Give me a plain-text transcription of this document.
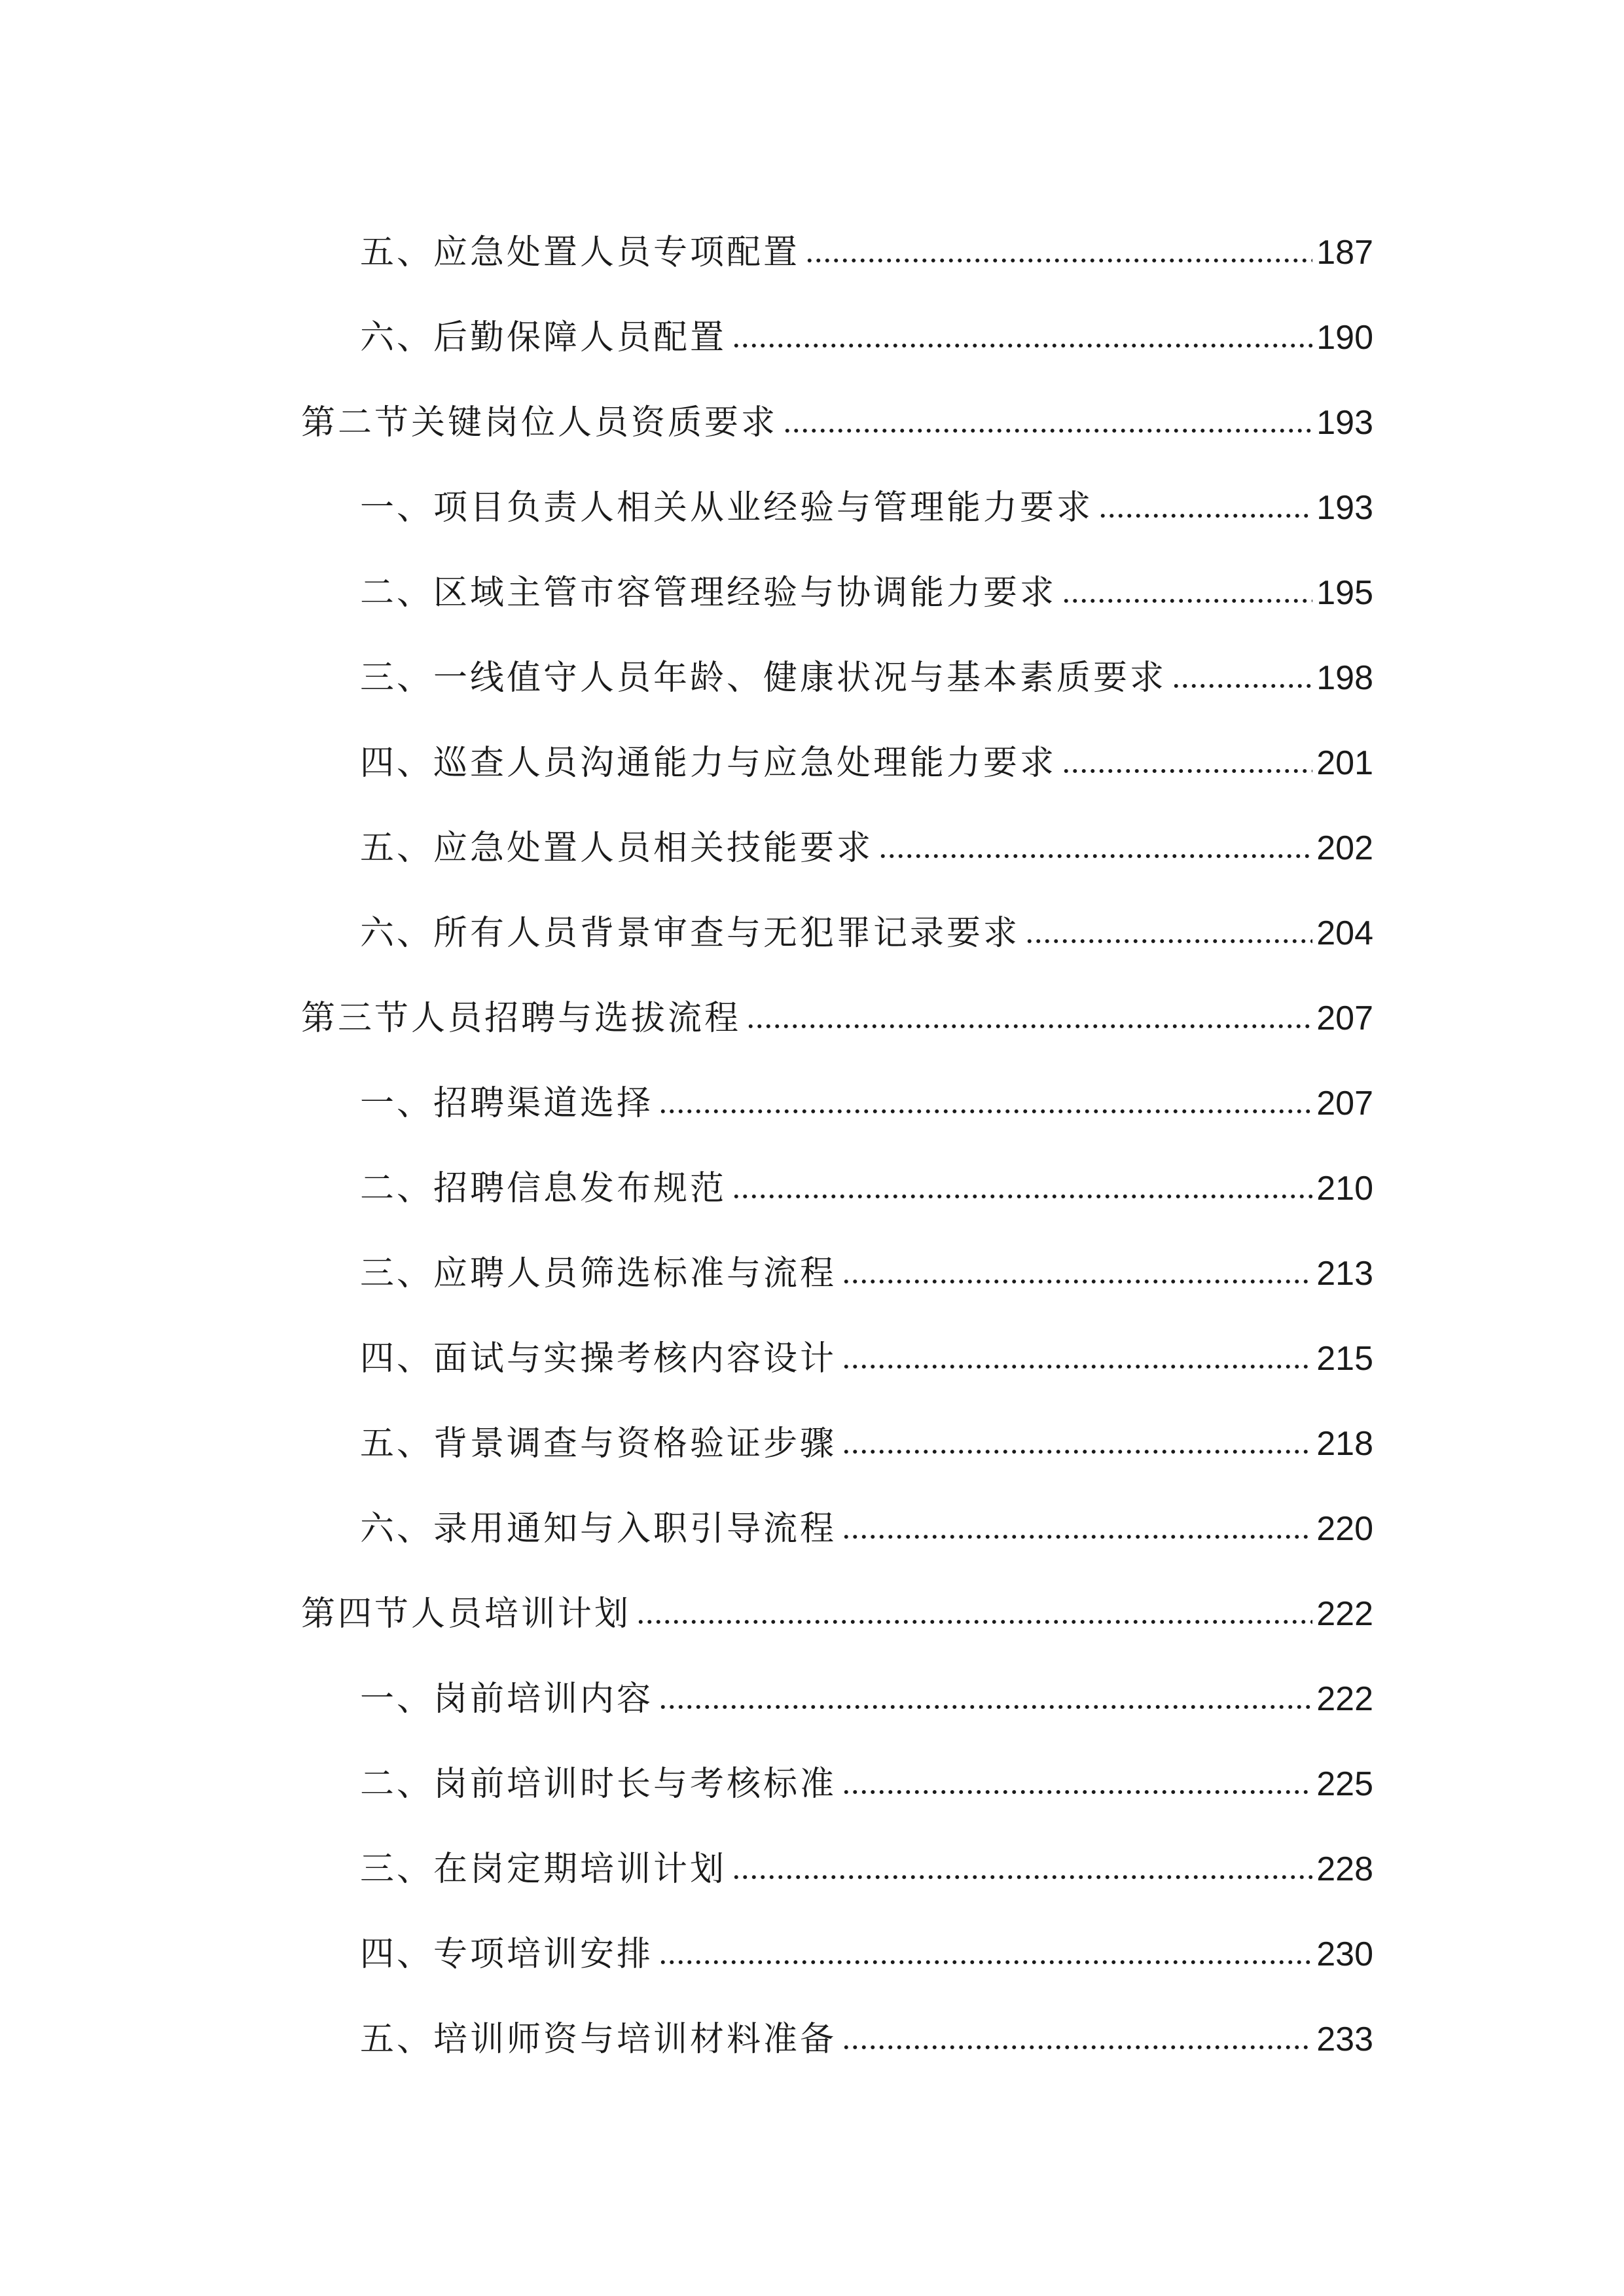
五、应急处置人员专项配置	187
六、后勤保障人员配置	190
第二节关键岗位人员资质要求	193
一、项目负责人相关从业经验与管理能力要求	193
二、区域主管市容管理经验与协调能力要求	195
三、一线值守人员年龄、健康状况与基本素质要求	198
四、巡查人员沟通能力与应急处理能力要求	201
五、应急处置人员相关技能要求	202
六、所有人员背景审查与无犯罪记录要求	204
第三节人员招聘与选拔流程	207
一、招聘渠道选择	207
二、招聘信息发布规范	210
三、应聘人员筛选标准与流程	213
四、面试与实操考核内容设计	215
五、背景调查与资格验证步骤	218
六、录用通知与入职引导流程	220
第四节人员培训计划	222
一、岗前培训内容	222
二、岗前培训时长与考核标准	225
三、在岗定期培训计划	228
四、专项培训安排	230
五、培训师资与培训材料准备	233
